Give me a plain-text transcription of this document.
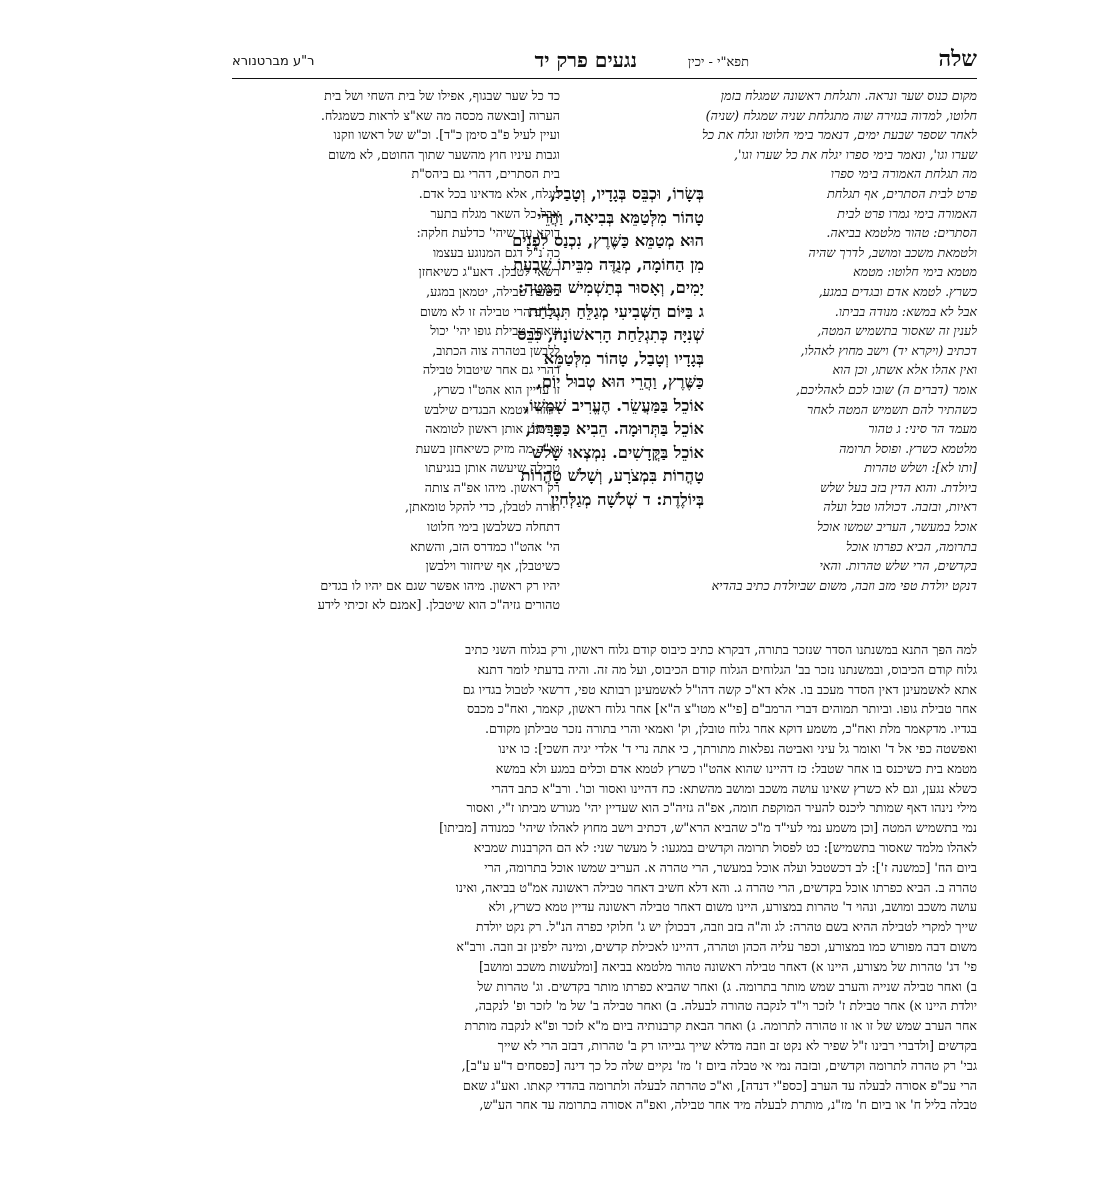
שלה
תפא"י - יכין
נגעים פרק יד
ר"ע מברטנורא

מקום כנוס שער ונראה. ותגלחת ראשונה שמגלח בזמן

חלוטו, למדוה בגזירה שוה מתגלחת שניה שמגלח (שניה)

לאחר שספר שבעת ימים, דנאמר בימי חלוטו וגלח את כל

שערו וגו', ונאמר בימי ספרו יגלח את כל שערו וגו',

מה תגלחת האמורה בימי ספרו

פרט לבית הסתרים, אף תגלחת

האמורה בימי גמרו פרט לבית

הסתרים: טהור מלטמא בביאה.

ולטמאת משכב ומושב, לדרך שהיה

מטמא בימי חלוטו: מטמא

כשרץ. לטמא אדם ובגדים במגע,

אבל לא במשא: מנודה בביתו.

לענין זה שאסור בתשמיש המטה,

דכתיב (ויקרא יד) וישב מחוץ לאהלו,

ואין אהלו אלא אשתו, וכן הוא

אומר (דברים ה) שובו לכם לאהליכם,

כשהתיר להם תשמיש המטה לאחר

מעמד הר סיני: ג טהור

מלטמא כשרץ. ופוסל תרומה

[ותו לא]: ושלש טהרות

ביולדת. והוא הדין בזב בעל שלש

ראיות, ובזבה. דכולהו טבל ועלה

אוכל במעשר, העריב שמשו אוכל

בתרומה, הביא כפרתו אוכל

בקדשים, הרי שלש טהרות. והאי

דנקט יולדת טפי מזב וזבה, משום שביולדת כתיב בהדיא

בְּשָׂרוֹ, וּכְבֵּס בְּגָדָיו, וְטָבַל,

טָהוֹר מִלְּטַמֵּא בְּבִיאָה, וַהֲרֵי

הוּא מְטַמֵּא כַּשֶּׁרֶץ, נִכְנַס לִפְנִים

מִן הַחוֹמָה, מְנֻדֶּה מִבֵּיתוֹ שִׁבְעַת

יָמִים, וְאָסוּר בְּתַשְׁמִישׁ הַמִּטָּה:

ג בַּיּוֹם הַשְּׁבִיעִי מְגַלֵּחַ תִּגְלַחַת

שְׁנִיָּה כְּתִגְלַחַת הָרִאשׁוֹנָה, כִּבֵּס

בְּגָדָיו וְטָבַל, טָהוֹר מִלְּטַמֵּא

כַּשֶּׁרֶץ, וַהֲרֵי הוּא טְבוּל יוֹם,

אוֹכֵל בַּמַּעֲשֵׂר. הֶעֱרִיב שִׁמְשׁוֹ,

אוֹכֵל בַּתְּרוּמָה. הֵבִיא כַּפָּרָתוֹ,

אוֹכֵל בַּקֳּדָשִׁים. נִמְצְאוּ שָׁלֹשׁ

טָהֳרוֹת בִּמְצֹרָע, וְשָׁלֹשׁ טָהֳרוֹת

בְּיוֹלֶדֶת: ד שְׁלֹשָׁה מְגַלְּחִין

כד כל שער שבגוף, אפילו של בית השחי ושל בית

הערוה [ובאשה מכסה מה שא"צ לראות כשמגלח.

ועיין לעיל פ"ב סימן כ"ד]. וכ"ש של ראשו וזקנו

וגבות עיניו חוץ מהשער שתוך החוטם, לא משום

בית הסתרים, דהרי גם ביהס"ת

מגלח, אלא מדאינו בכל אדם.

אבל כל השאר מגלח בתער

דוקא עד שיהי' כדלעת חלקה:

כה נ"ל דגם המנוגע בעצמו

רשאי לטבלן. דאע"ג כשיאחזן

בשעת טבילה, יטמאן במגע,

עכ"פ הרי טבילה זו לא משום

שאחר טבילת גופו יהי' יכול

ללבשן בטהרה צוה הכתוב,

דהרי גם אחר שיטבול טבילה

זו עדיין הוא אהט"ו כשרץ,

ויחזור ויטמא הבגדים שילבש

ויפשיט אותן ראשון לטומאה

וא"כ מה מזיק כשיאחזן בשעת

טבילה שיעשה אותן בנגיעתו

רק ראשון. מיהו אפ"ה צותה

תורה לטבלן, כדי להקל טומאתן,

דתחלה כשלבשן בימי חלוטו

הי' אהט"ו כמדרס הזב, והשתא

כשיטבלן, אף שיחזור וילבשן

יהיו רק ראשון. מיהו אפשר שגם אם יהיו לו בגדים

טהורים גזיה"כ הוא שיטבלן. [אמנם לא זכיתי לידע

למה הפך התנא במשנתנו הסדר שנזכר בתורה, דבקרא כתיב כיבוס קודם גלוח ראשון, ורק בגלוח השני כתיב

גלוח קודם הכיבוס, ובמשנתנו נזכר בב' הגלוחים הגלוח קודם הכיבוס, ועל מה זה. והיה בדעתי לומר דתנא

אתא לאשמעינן דאין הסדר מעכב בו. אלא דא"כ קשה דהו"ל לאשמעינן רבותא טפי, דרשאי לטבול בגדיו גם

אחר טבילת גופו. וביותר תמוהים דברי הרמב"ם [פי"א מטו"צ ה"א] אחר גלוח ראשון, קאמר, ואח"כ מכבס

בגדיו. מדקאמר מלת ואח"כ, משמע דוקא אחר גלוח טובלן, וק' ואמאי והרי בתורה נזכר טבילתן מקודם.

ואפשטה כפי אל ד' ואומר גל עיני ואביטה נפלאות מתורתך, כי אתה נרי ד' אלדי יגיה חשכי]: כו אינו

מטמא בית כשיכנס בו אחר שטבל: כז דהיינו שהוא אהט"ו כשרץ לטמא אדם וכלים במגע ולא במשא

כשלא נגען, וגם לא כשרץ שאינו עושה משכב ומושב מהשתא: כח דהיינו ואסור וכו'. ורב"א כתב דהרי

מילי נינהו דאף שמותר ליכנס להעיר המוקפת חומה, אפ"ה גזיה"כ הוא שעדיין יהי' מגורש מביתו ז"י, ואסור

נמי בתשמיש המטה [וכן משמע נמי לעי"ד מ"כ שהביא הרא"ש, דכתיב וישב מחוץ לאהלו שיהי' כמנודה [מביתו]

לאהלו מלמד שאסור בתשמיש]: כט לפסול תרומה וקדשים במגעו: ל מעשר שני: לא הם הקרבנות שמביא

ביום הח' [כמשנה ז']: לב דכשטבל ועלה אוכל במעשר, הרי טהרה א. העריב שמשו אוכל בתרומה, הרי

טהרה ב. הביא כפרתו אוכל בקדשים, הרי טהרה ג. והא דלא חשיב דאחר טבילה ראשונה אמ"ט בביאה, ואינו

עושה משכב ומושב, ונהוי ד' טהרות במצורע, היינו משום דאחר טבילה ראשונה עדיין טמא כשרץ, ולא

שייך למקרי לטבילה ההיא בשם טהרה: לג וה"ה בזב וזבה, דבכולן יש ג' חלוקי כפרה הנ"ל. רק נקט יולדת

משום דבה מפורש כמו במצורע, וכפר עליה הכהן וטהרה, דהיינו לאכילת קדשים, ומינה ילפינן זב וזבה. ורב"א

פי' דג' טהרות של מצורע, היינו א) דאחר טבילה ראשונה טהור מלטמא בביאה [ומלעשות משכב ומושב]

ב) ואחר טבילה שנייה והערב שמש מותר בתרומה. ג) ואחר שהביא כפרתו מותר בקדשים. וג' טהרות של

יולדת היינו א) אחר טבילת ז' לזכר וי"ד לנקבה טהורה לבעלה. ב) ואחר טבילה ב' של מ' לזכר ופ' לנקבה,

אחר הערב שמש של זו או זו טהורה לתרומה. ג) ואחר הבאת קרבנותיה ביום מ"א לזכר ופ"א לנקבה מותרת

בקדשים [ולדברי רבינו ז"ל שפיר לא נקט זב וזבה מדלא שייך גבייהו רק ב' טהרות, דבזב הרי לא שייך

גבי' רק טהרה לתרומה וקדשים, ובזבה נמי אי טבלה ביום ז' מז' נקיים שלה כל כך דינה [כפסחים ד"ע ע"ב],

הרי עכ"פ אסורה לבעלה עד הערב [כספ"י דנדה], וא"כ טהרתה לבעלה ולתרומה בהדדי קאתו. ואע"ג שאם

טבלה בליל ח' או ביום ח' מז"נ, מותרת לבעלה מיד אחר טבילה, ואפ"ה אסורה בתרומה עד אחר הע"ש,
